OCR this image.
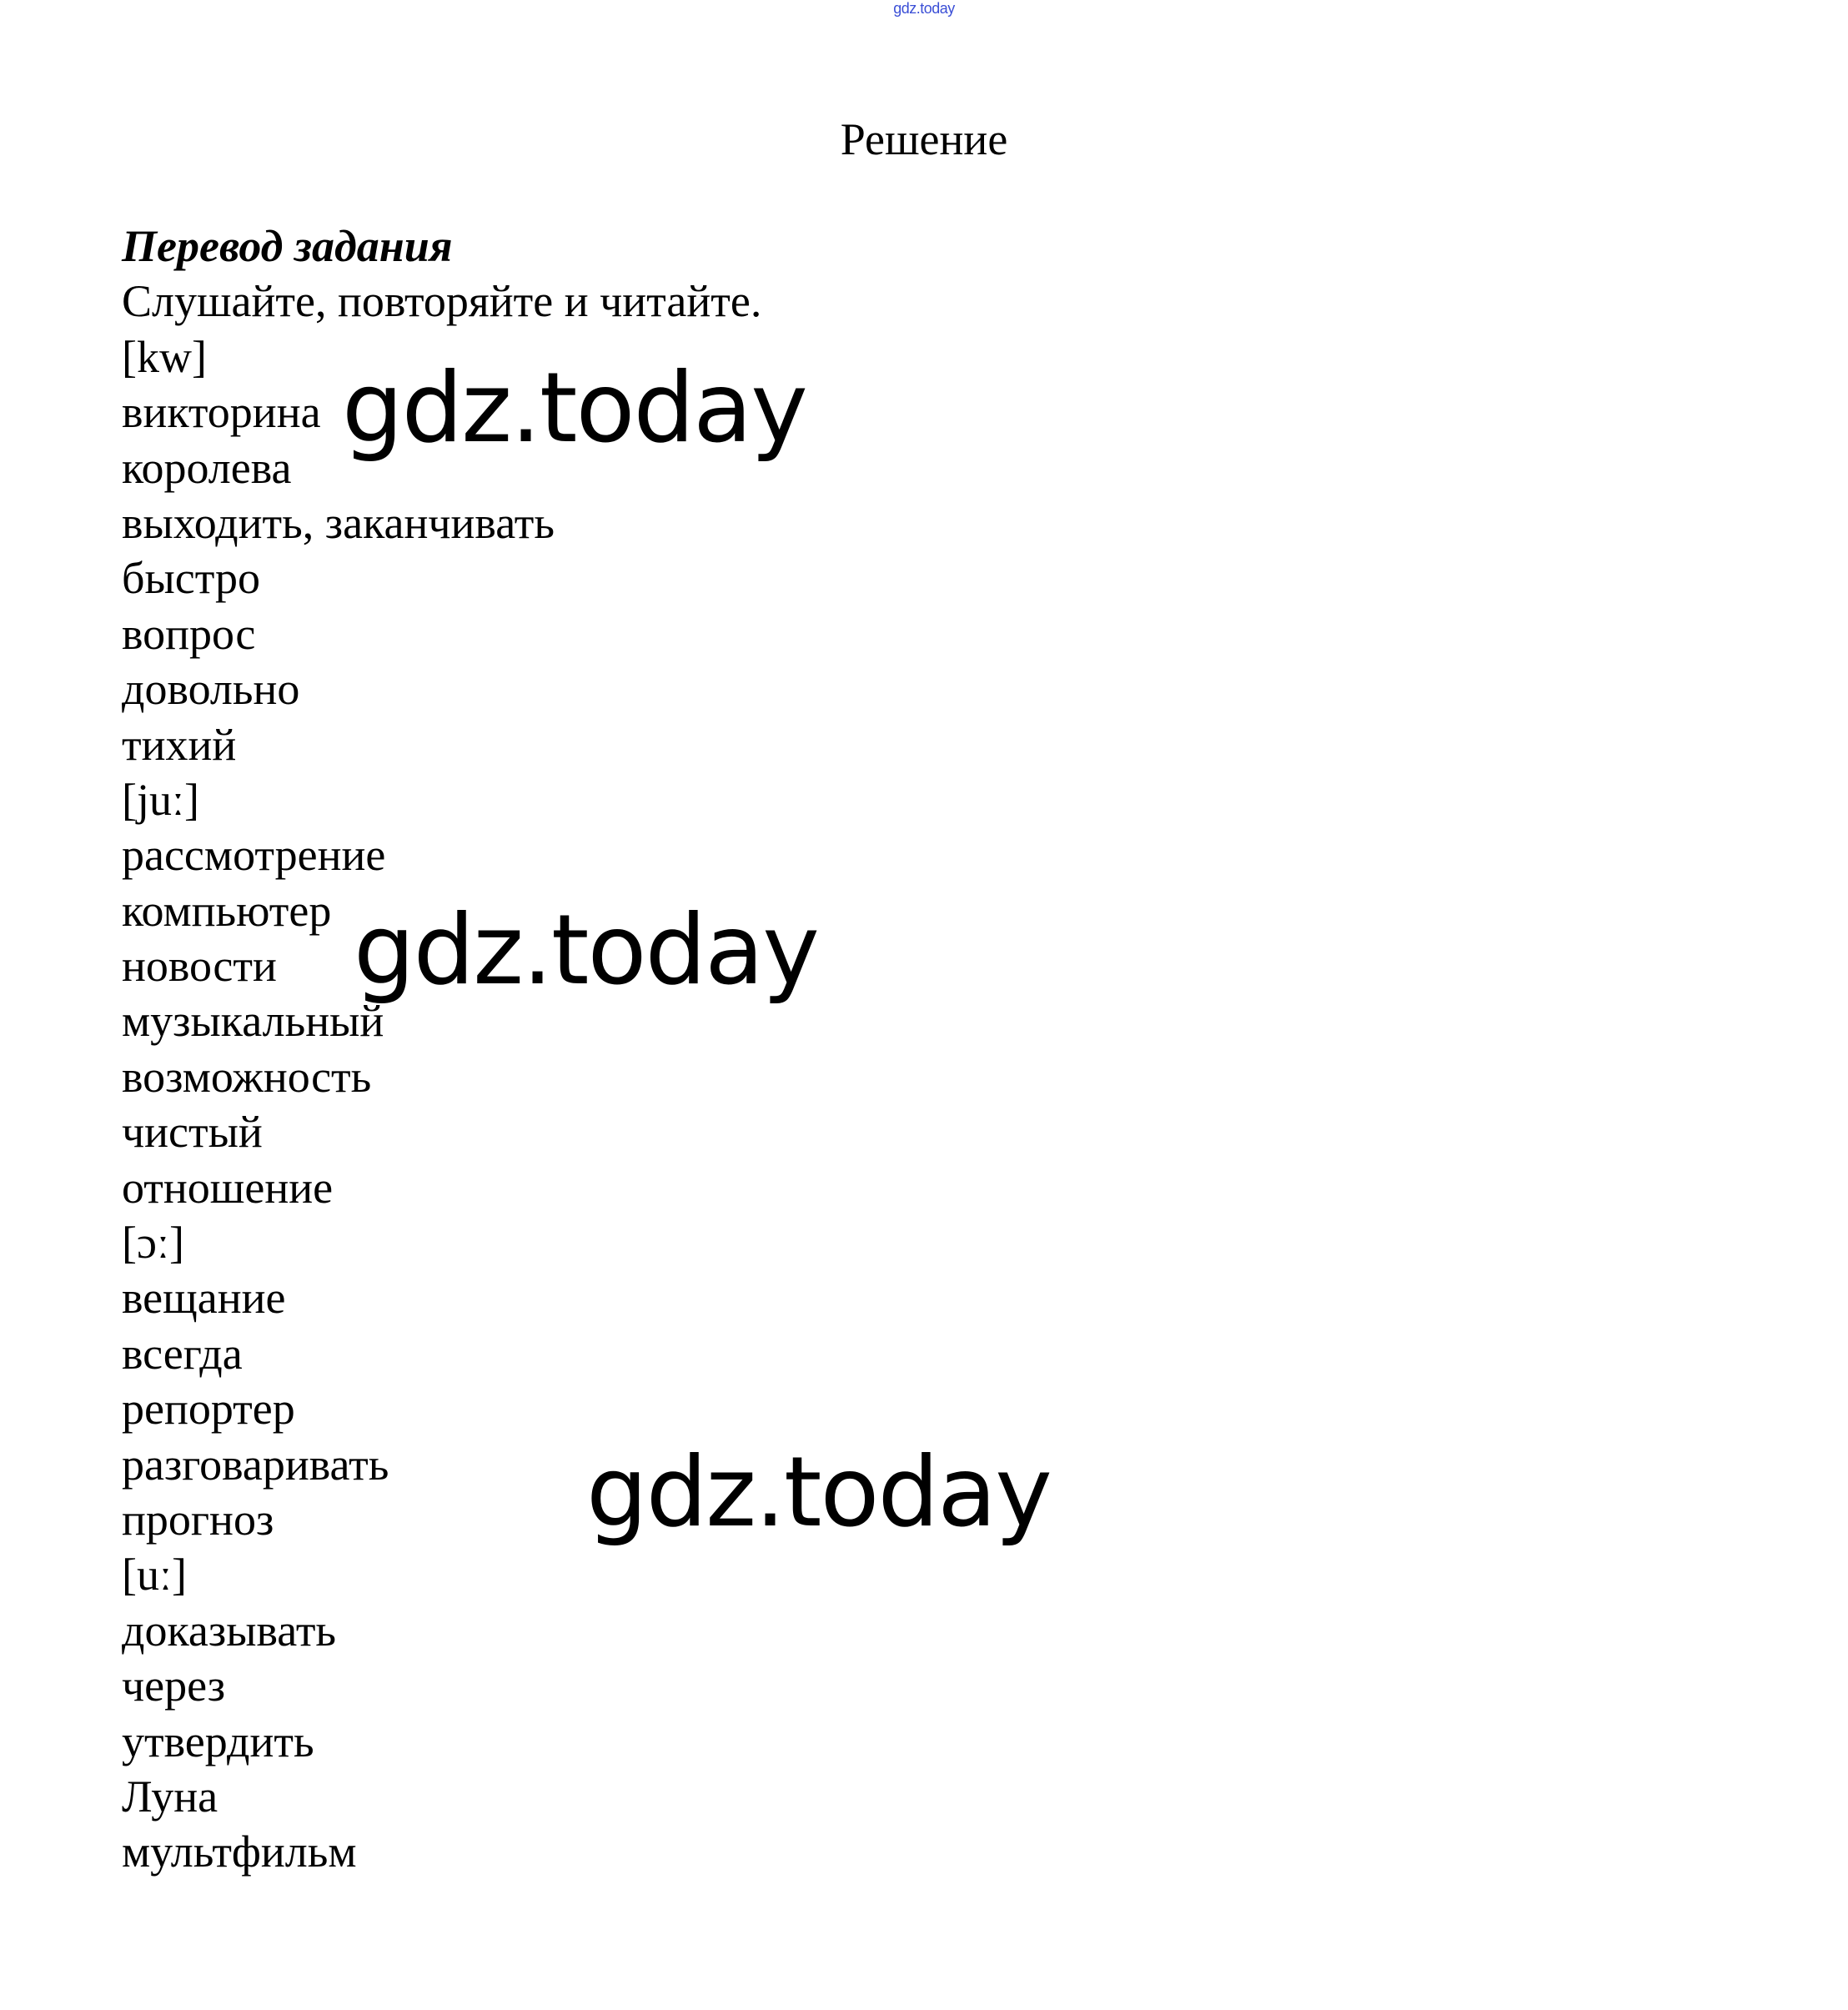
gdz.today
Решение
Перевод задания
Слушайте, повторяйте и читайте.
[kw]
викторина
королева
выходить, заканчивать
быстро
вопрос
довольно
тихий
[juː]
рассмотрение
компьютер
новости
музыкальный
возможность
чистый
отношение
[ɔː]
вещание
всегда
репортер
разговаривать
прогноз
[uː]
доказывать
через
утвердить
Луна
мультфильм
gdz.today
gdz.today
gdz.today
